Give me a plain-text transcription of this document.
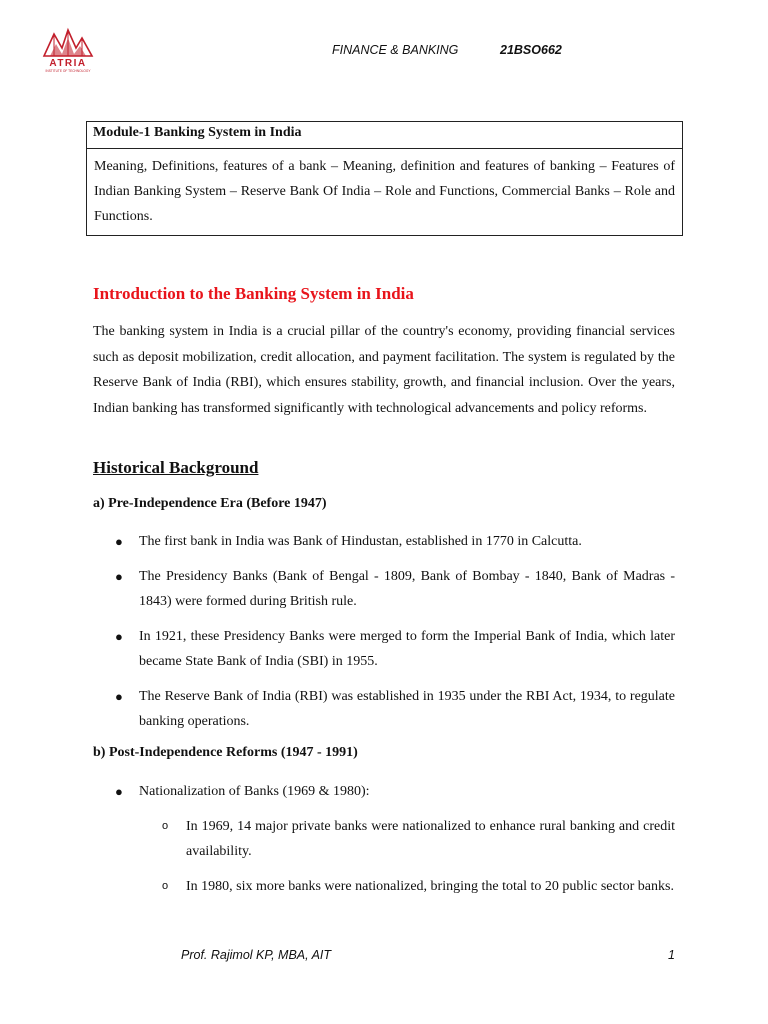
ATRIA
INSTITUTE OF TECHNOLOGY
FINANCE & BANKING	21BSO662
Module-1 Banking System in India
Meaning, Definitions, features of a bank – Meaning, definition and features of banking – Features of Indian Banking System – Reserve Bank Of India – Role and Functions, Commercial Banks – Role and Functions.
Introduction to the Banking System in India
The banking system in India is a crucial pillar of the country's economy, providing financial services such as deposit mobilization, credit allocation, and payment facilitation. The system is regulated by the Reserve Bank of India (RBI), which ensures stability, growth, and financial inclusion. Over the years, Indian banking has transformed significantly with technological advancements and policy reforms.
Historical Background
a) Pre-Independence Era (Before 1947)
● The first bank in India was Bank of Hindustan, established in 1770 in Calcutta.
● The Presidency Banks (Bank of Bengal - 1809, Bank of Bombay - 1840, Bank of Madras - 1843) were formed during British rule.
● In 1921, these Presidency Banks were merged to form the Imperial Bank of India, which later became State Bank of India (SBI) in 1955.
● The Reserve Bank of India (RBI) was established in 1935 under the RBI Act, 1934, to regulate banking operations.
b) Post-Independence Reforms (1947 - 1991)
● Nationalization of Banks (1969 & 1980):
o In 1969, 14 major private banks were nationalized to enhance rural banking and credit availability.
o In 1980, six more banks were nationalized, bringing the total to 20 public sector banks.
Prof. Rajimol KP, MBA, AIT	1
